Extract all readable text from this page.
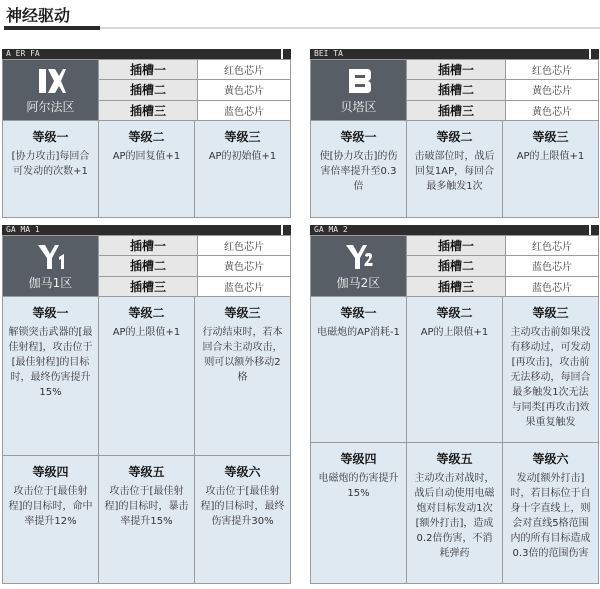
神经驱动
A ER FA
阿尔法区
插槽一	红色芯片
插槽二	黄色芯片
插槽三	蓝色芯片
等级一
[协力攻击]每回合可发动的次数+1
等级二
AP的回复值+1
等级三
AP的初始值+1
BEI TA
贝塔区
插槽一	红色芯片
插槽二	黄色芯片
插槽三	黄色芯片
等级一
使[协力攻击]的伤害倍率提升至0.3倍
等级二
击破部位时，战后回复1AP，每回合最多触发1次
等级三
AP的上限值+1
GA MA 1
伽马1区
插槽一	红色芯片
插槽二	黄色芯片
插槽三	蓝色芯片
等级一
解锁突击武器的[最佳射程]，攻击位于[最佳射程]的目标时，最终伤害提升15%
等级二
AP的上限值+1
等级三
行动结束时，若本回合未主动攻击，则可以额外移动2格
等级四
攻击位于[最佳射程]的目标时，命中率提升12%
等级五
攻击位于[最佳射程]的目标时，暴击率提升15%
等级六
攻击位于[最佳射程]的目标时，最终伤害提升30%
GA MA 2
伽马2区
插槽一	红色芯片
插槽二	蓝色芯片
插槽三	蓝色芯片
等级一
电磁炮的AP消耗-1
等级二
AP的上限值+1
等级三
主动攻击前如果没有移动过，可发动[再攻击]，攻击前无法移动，每回合最多触发1次无法与同类[再攻击]效果重复触发
等级四
电磁炮的伤害提升15%
等级五
主动攻击对战时，战后自动使用电磁炮对目标发动1次[额外打击]，造成0.2倍伤害，不消耗弹药
等级六
发动[额外打击]时，若目标位于自身十字直线上，则会对直线5格范围内的所有目标造成0.3倍的范围伤害
